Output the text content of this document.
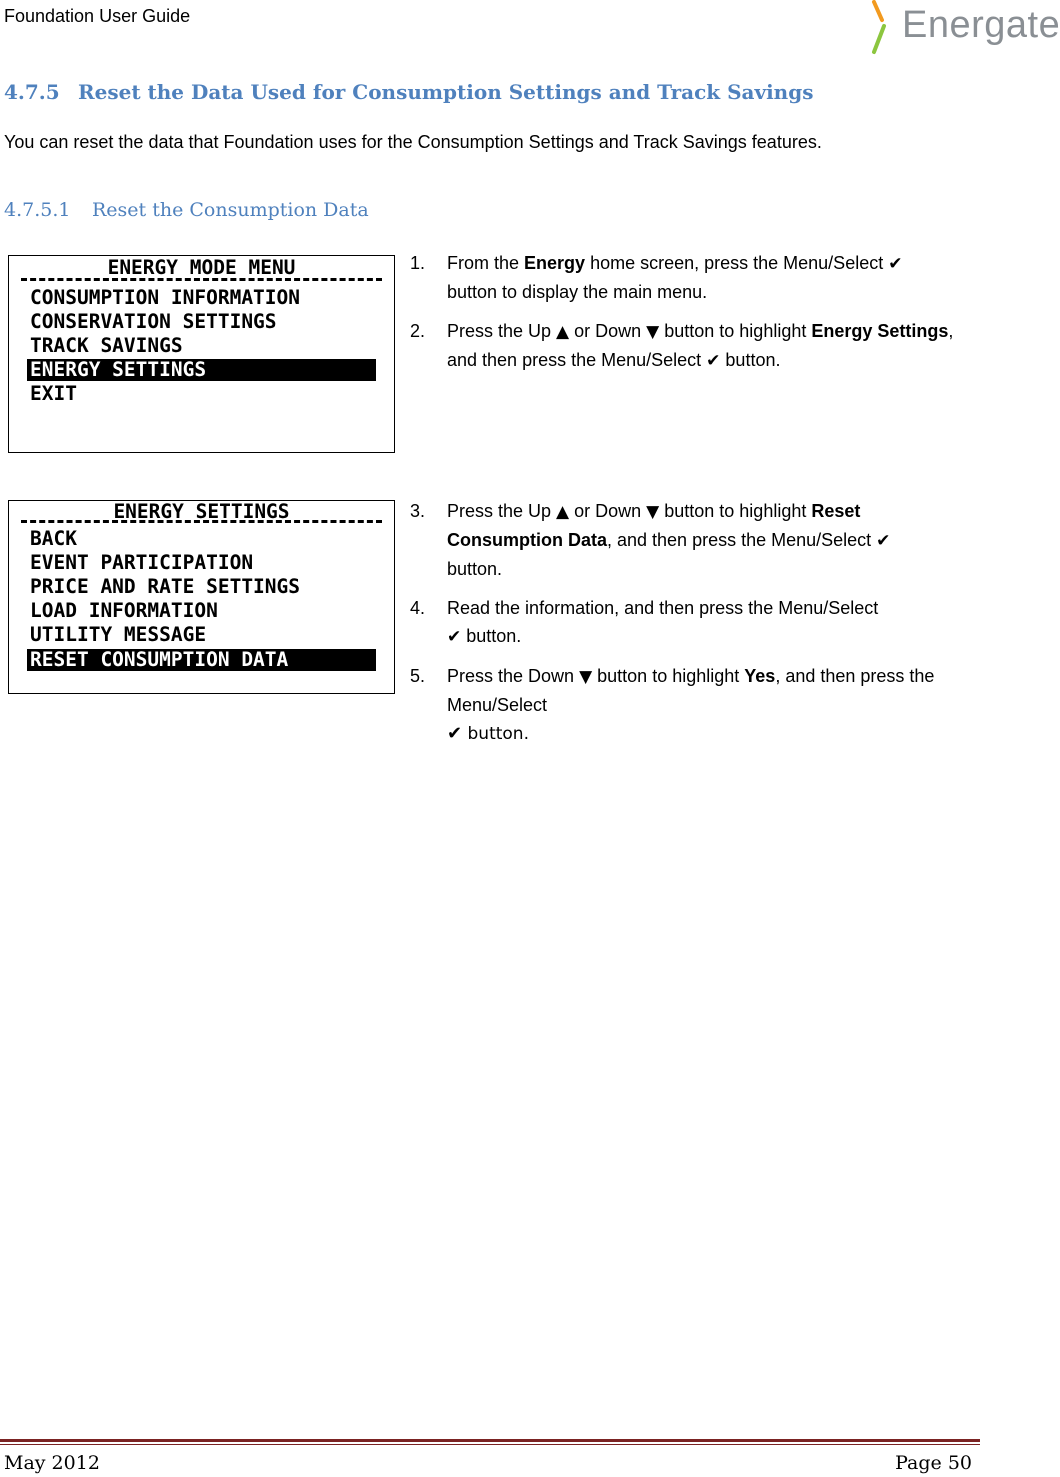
Foundation User Guide	Energate
4.7.5 Reset the Data Used for Consumption Settings and Track Savings
You can reset the data that Foundation uses for the Consumption Settings and Track Savings features.
4.7.5.1 Reset the Consumption Data
ENERGY MODE MENU
CONSUMPTION INFORMATION
CONSERVATION SETTINGS
TRACK SAVINGS
ENERGY SETTINGS
EXIT
ENERGY SETTINGS
BACK
EVENT PARTICIPATION
PRICE AND RATE SETTINGS
LOAD INFORMATION
UTILITY MESSAGE
RESET CONSUMPTION DATA
1. From the Energy home screen, press the Menu/Select ✔
button to display the main menu.
2. Press the Up ▲ or Down ▼ button to highlight Energy Settings, and then press the Menu/Select ✔ button.
3. Press the Up ▲ or Down ▼ button to highlight Reset Consumption Data, and then press the Menu/Select ✔
button.
4. Read the information, and then press the Menu/Select
✔ button.
5. Press the Down ▼ button to highlight Yes, and then press the Menu/Select
✔ button.
May 2012	Page 50
